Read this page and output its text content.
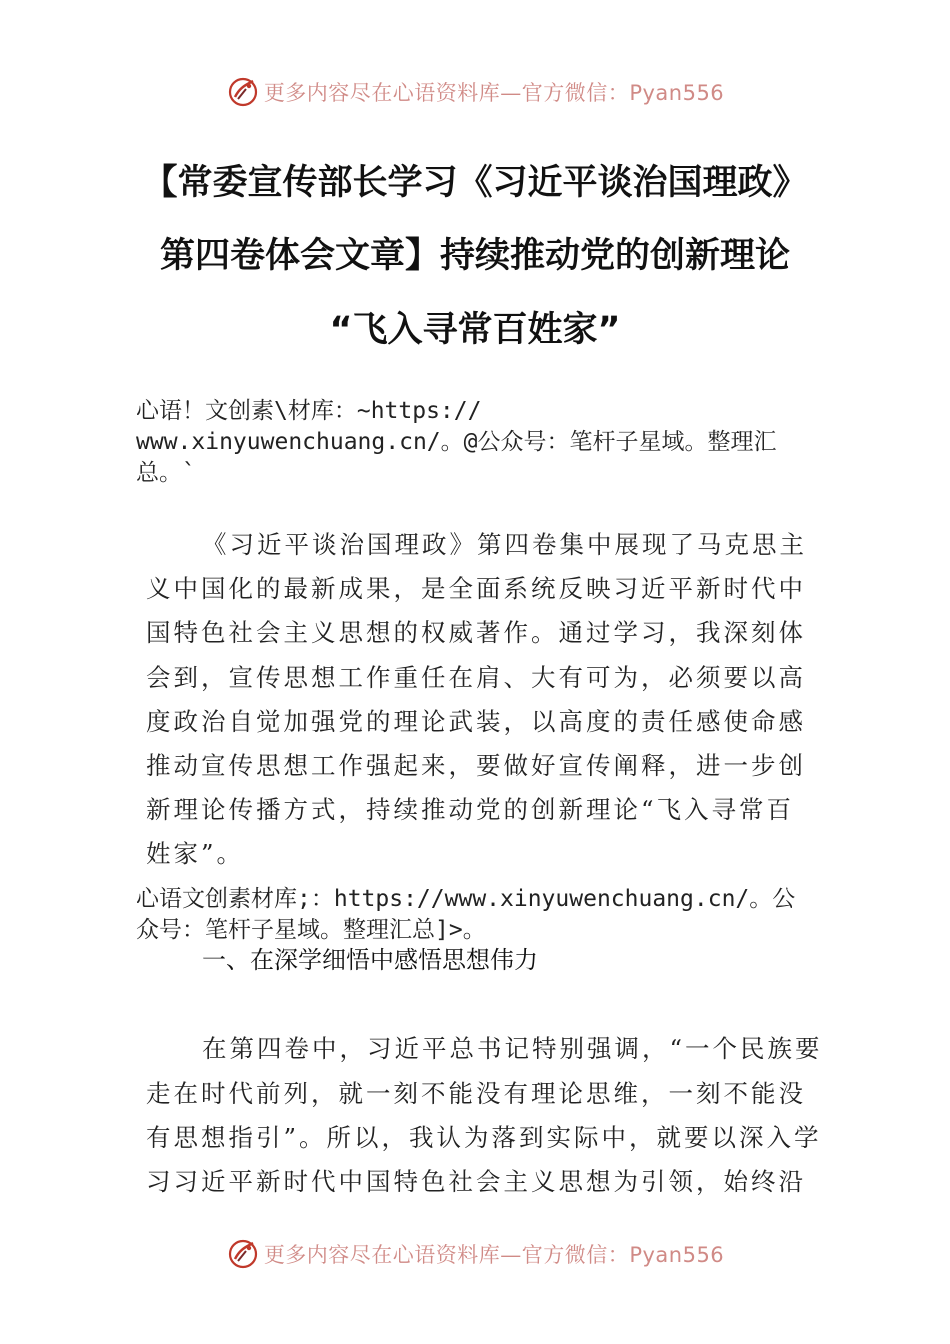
更多内容尽在心语资料库—官方微信：Pyan556
【常委宣传部长学习《习近平谈治国理政》
第四卷体会文章】持续推动党的创新理论
“飞入寻常百姓家”
心语！文创素\材库：~https://
www.xinyuwenchuang.cn/。@公众号：笔杆子星域。整理汇
总。`
《习近平谈治国理政》第四卷集中展现了马克思主
义中国化的最新成果，是全面系统反映习近平新时代中
国特色社会主义思想的权威著作。通过学习，我深刻体
会到，宣传思想工作重任在肩、大有可为，必须要以高
度政治自觉加强党的理论武装，以高度的责任感使命感
推动宣传思想工作强起来，要做好宣传阐释，进一步创
新理论传播方式，持续推动党的创新理论“飞入寻常百
姓家”。
心语文创素材库;：https://www.xinyuwenchuang.cn/。公
众号：笔杆子星域。整理汇总]>。
一、在深学细悟中感悟思想伟力
在第四卷中，习近平总书记特别强调，“一个民族要
走在时代前列，就一刻不能没有理论思维，一刻不能没
有思想指引”。所以，我认为落到实际中，就要以深入学
习习近平新时代中国特色社会主义思想为引领，始终沿
更多内容尽在心语资料库—官方微信：Pyan556
